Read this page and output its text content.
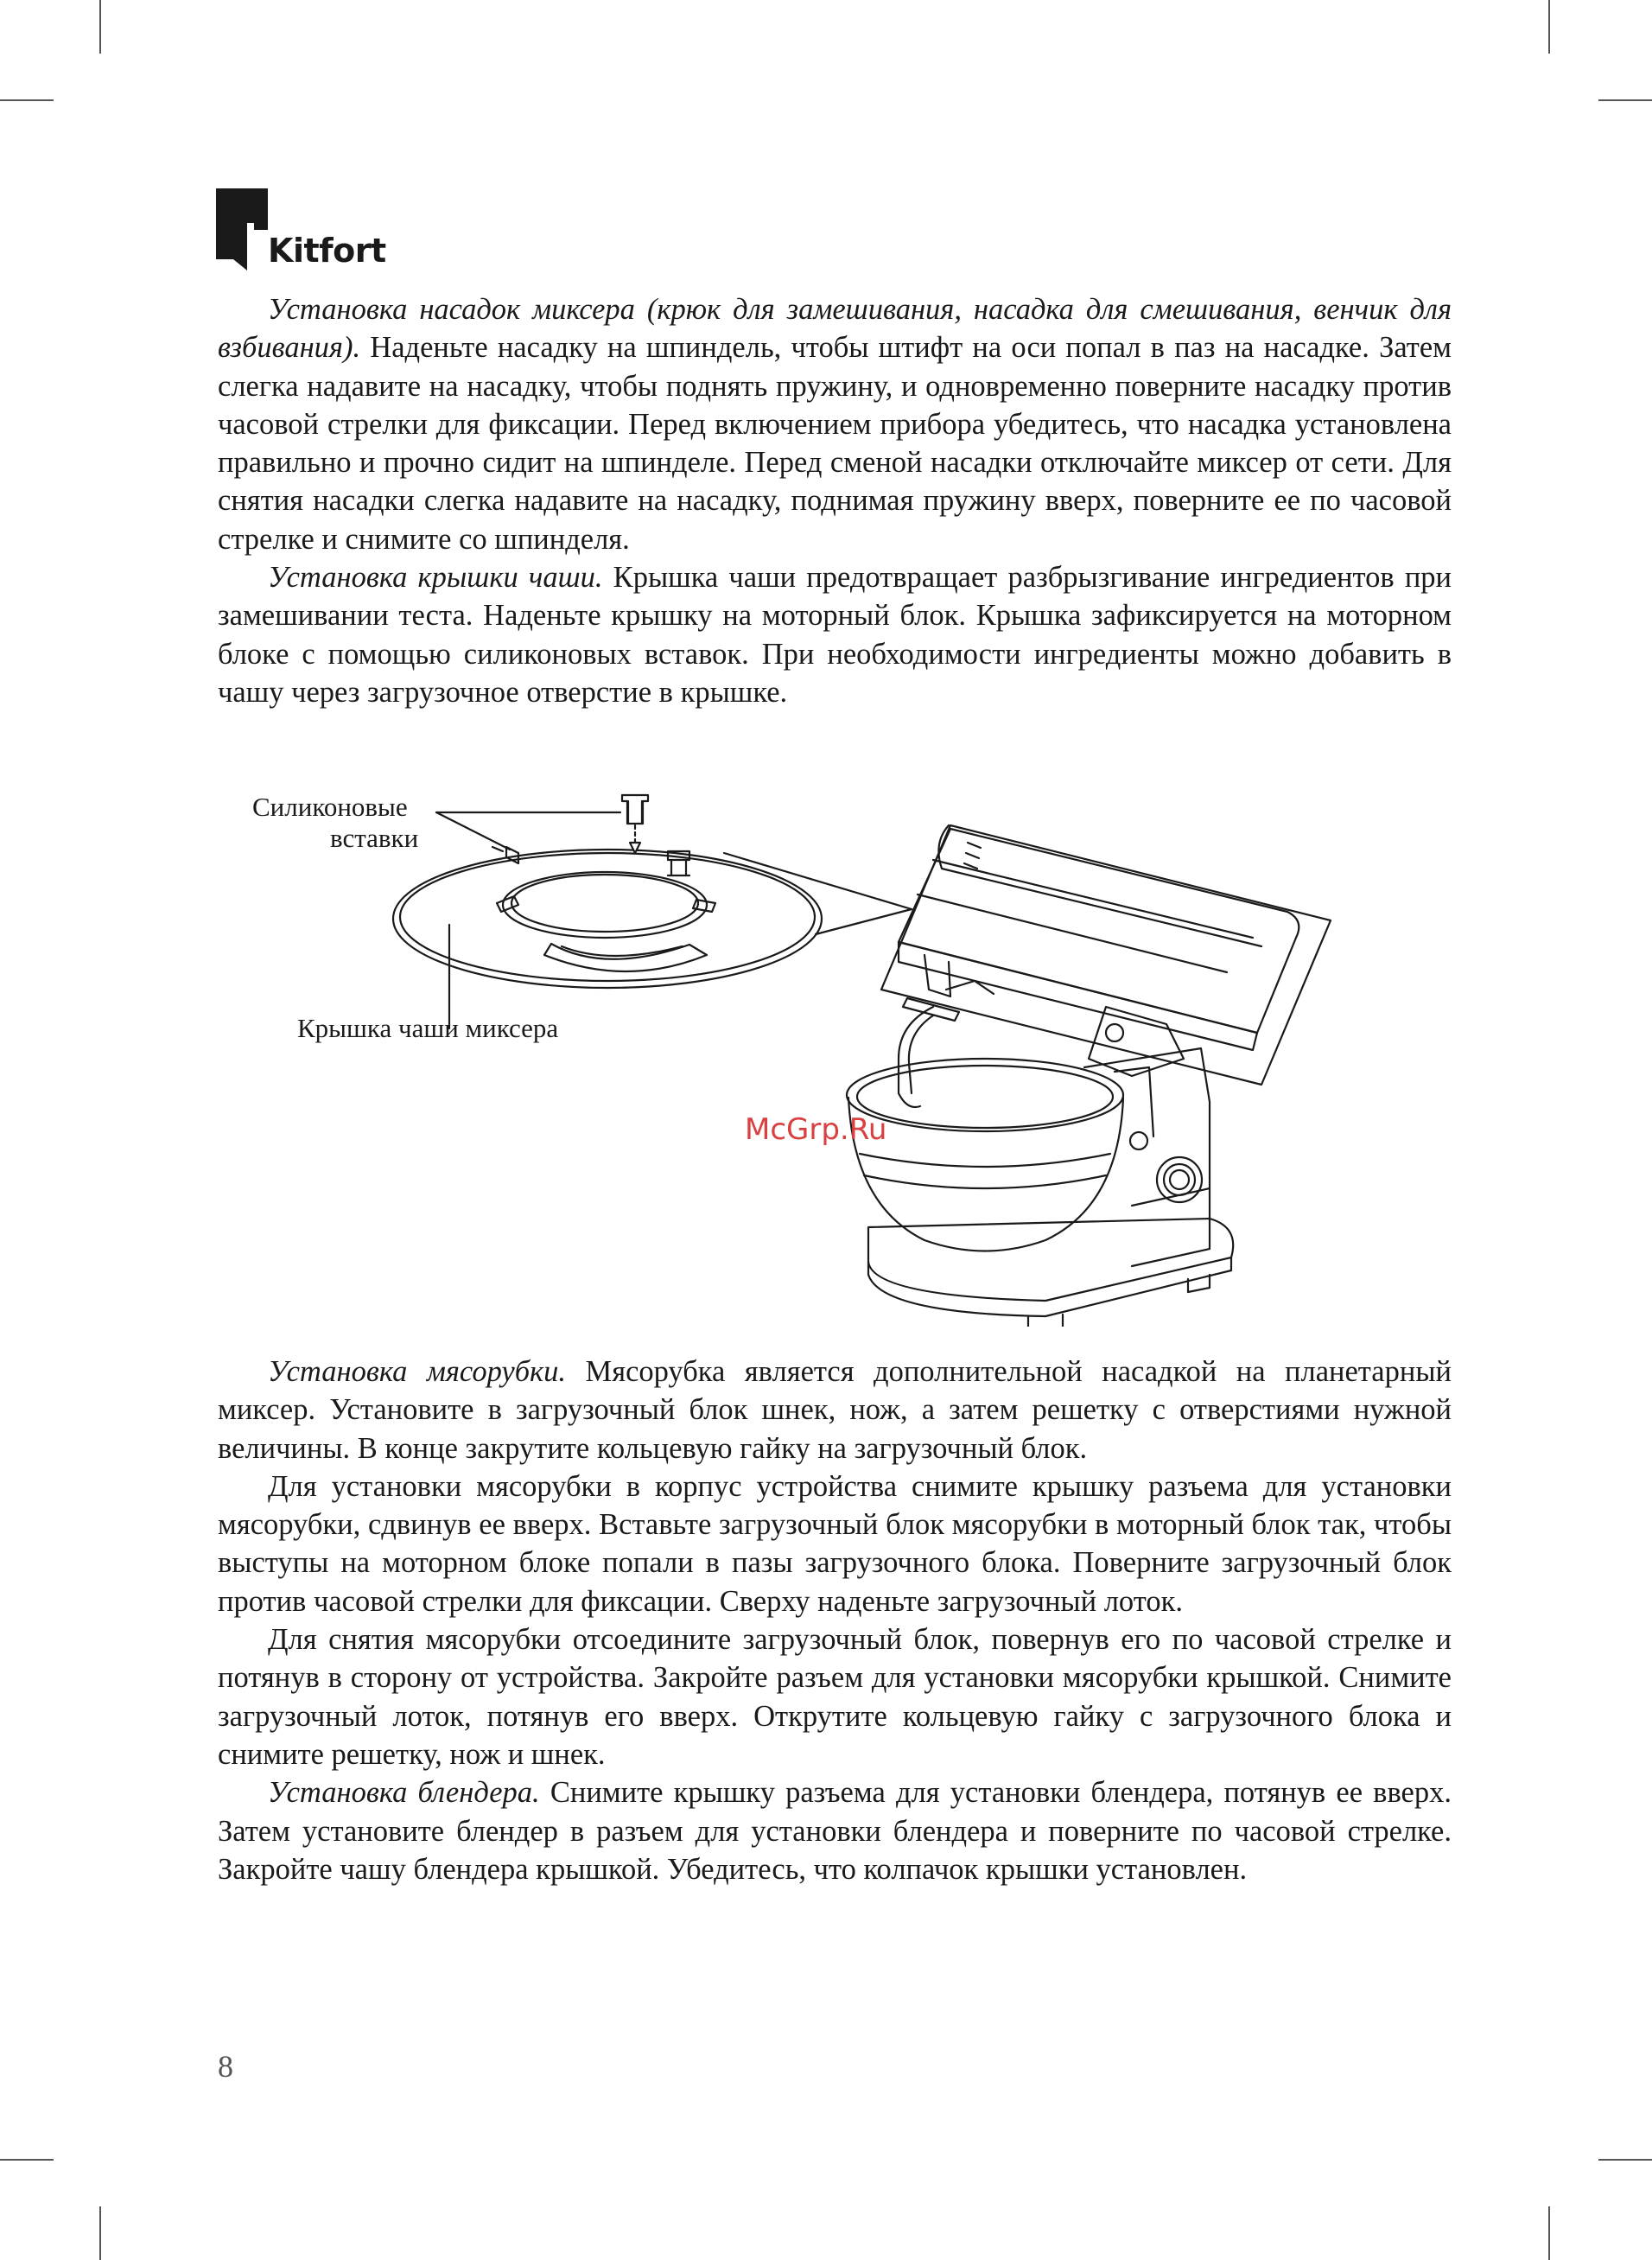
Kitfort

Установка насадок миксера (крюк для замешивания, насадка для смешивания, венчик для взбивания). Наденьте насадку на шпиндель, чтобы штифт на оси попал в паз на насадке. Затем слегка надавите на насадку, чтобы поднять пружину, и одновременно поверните насадку против часовой стрелки для фиксации. Перед включением прибора убедитесь, что насадка установлена правильно и прочно сидит на шпинделе. Перед сменой насадки отключайте миксер от сети. Для снятия насадки слегка надавите на насадку, поднимая пружину вверх, поверните ее по часовой стрелке и снимите со шпинделя.

Установка крышки чаши. Крышка чаши предотвращает разбрызгивание ингредиентов при замешивании теста. Наденьте крышку на моторный блок. Крышка зафиксируется на моторном блоке с помощью силиконовых вставок. При необходимости ингредиенты можно добавить в чашу через загрузочное отверстие в крышке.

Силиконовые
вставки
Крышка чаши миксера
McGrp.Ru

Установка мясорубки. Мясорубка является дополнительной насадкой на планетарный миксер. Установите в загрузочный блок шнек, нож, а затем решетку с отверстиями нужной величины. В конце закрутите кольцевую гайку на загрузочный блок.

Для установки мясорубки в корпус устройства снимите крышку разъема для установки мясорубки, сдвинув ее вверх. Вставьте загрузочный блок мясорубки в моторный блок так, чтобы выступы на моторном блоке попали в пазы загрузочного блока. Поверните загрузочный блок против часовой стрелки для фиксации. Сверху наденьте загрузочный лоток.

Для снятия мясорубки отсоедините загрузочный блок, повернув его по часовой стрелке и потянув в сторону от устройства. Закройте разъем для установки мясорубки крышкой. Снимите загрузочный лоток, потянув его вверх. Открутите кольцевую гайку с загрузочного блока и снимите решетку, нож и шнек.

Установка блендера. Снимите крышку разъема для установки блендера, потянув ее вверх. Затем установите блендер в разъем для установки блендера и поверните по часовой стрелке. Закройте чашу блендера крышкой. Убедитесь, что колпачок крышки установлен.

8
